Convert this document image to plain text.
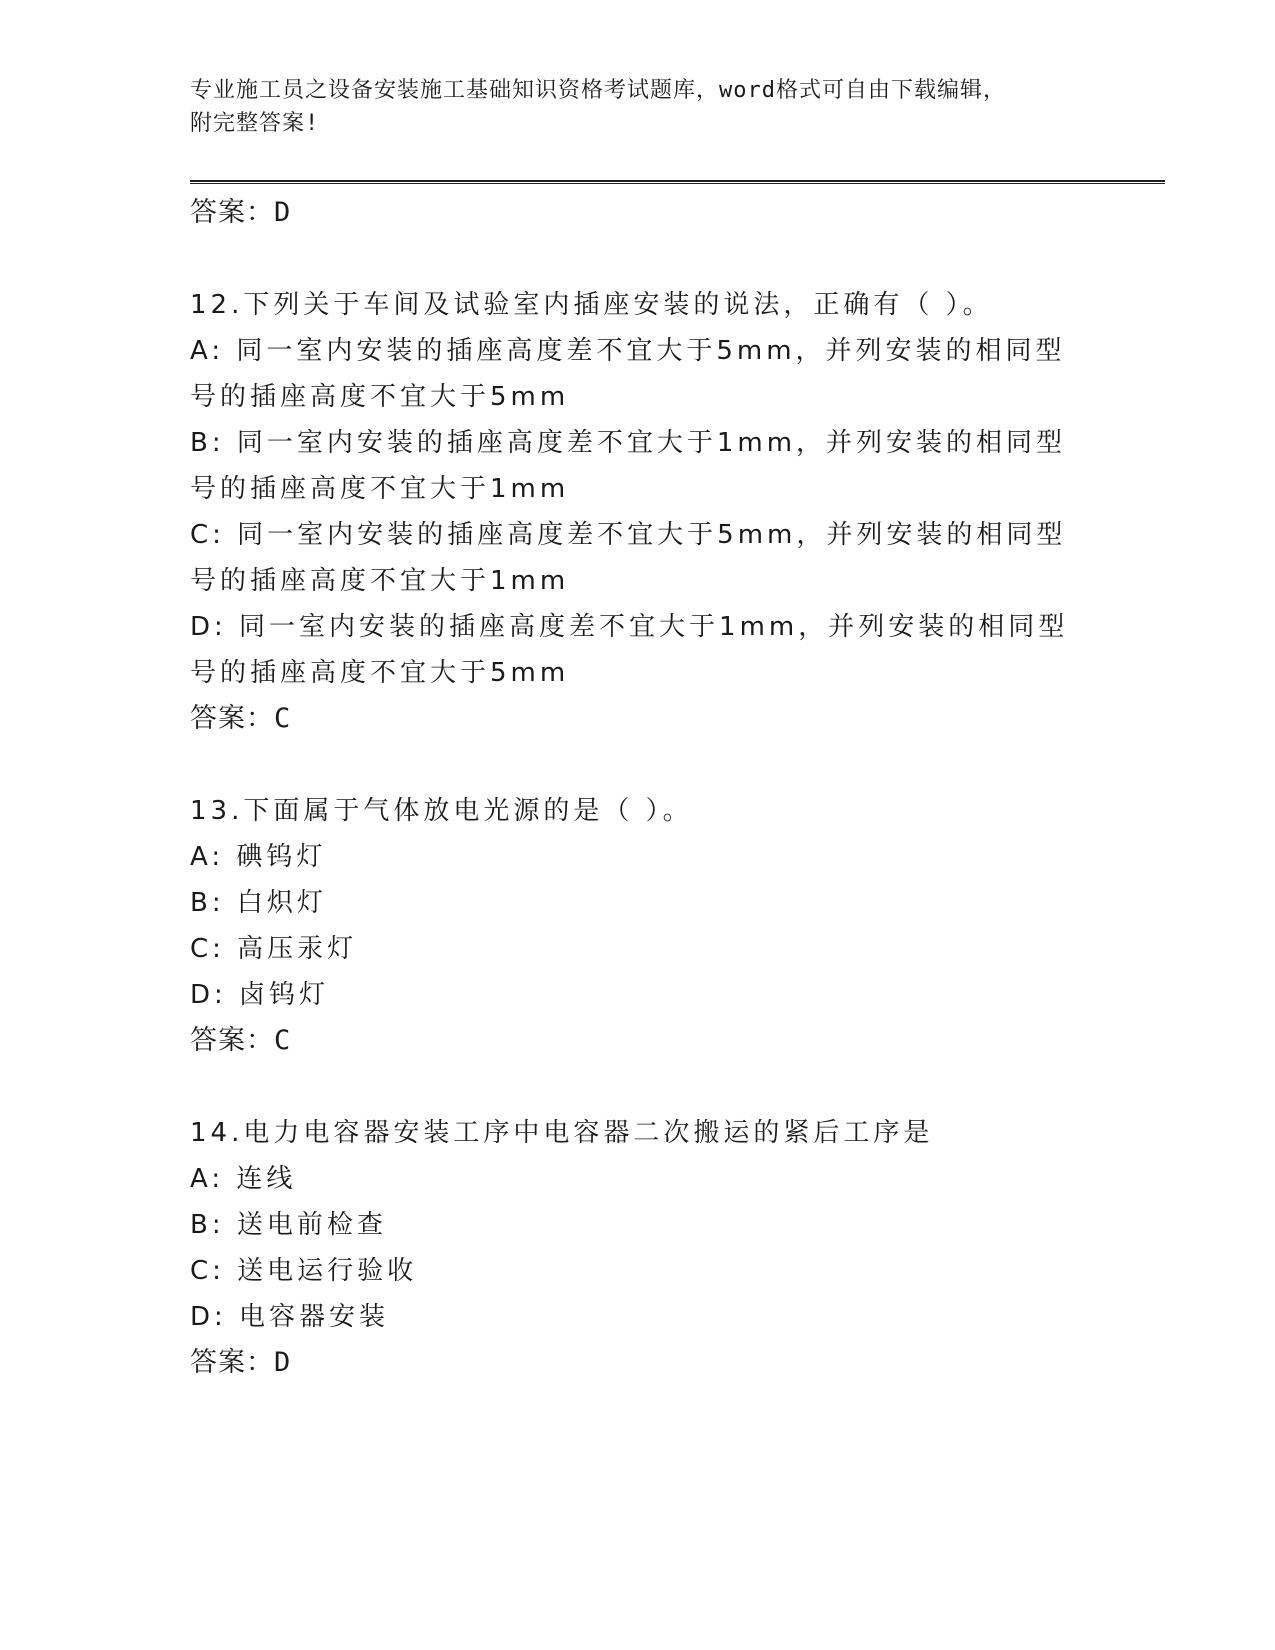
专业施工员之设备安装施工基础知识资格考试题库，word格式可自由下载编辑，
附完整答案!
答案：D
12.下列关于车间及试验室内插座安装的说法，正确有（ ）。
A: 同一室内安装的插座高度差不宜大于5mm，并列安装的相同型号的插座高度不宜大于5mm
B: 同一室内安装的插座高度差不宜大于1mm，并列安装的相同型号的插座高度不宜大于1mm
C: 同一室内安装的插座高度差不宜大于5mm，并列安装的相同型号的插座高度不宜大于1mm
D: 同一室内安装的插座高度差不宜大于1mm，并列安装的相同型号的插座高度不宜大于5mm
答案：C
13.下面属于气体放电光源的是（ ）。
A: 碘钨灯
B: 白炽灯
C: 高压汞灯
D: 卤钨灯
答案：C
14.电力电容器安装工序中电容器二次搬运的紧后工序是
A: 连线
B: 送电前检查
C: 送电运行验收
D: 电容器安装
答案：D
